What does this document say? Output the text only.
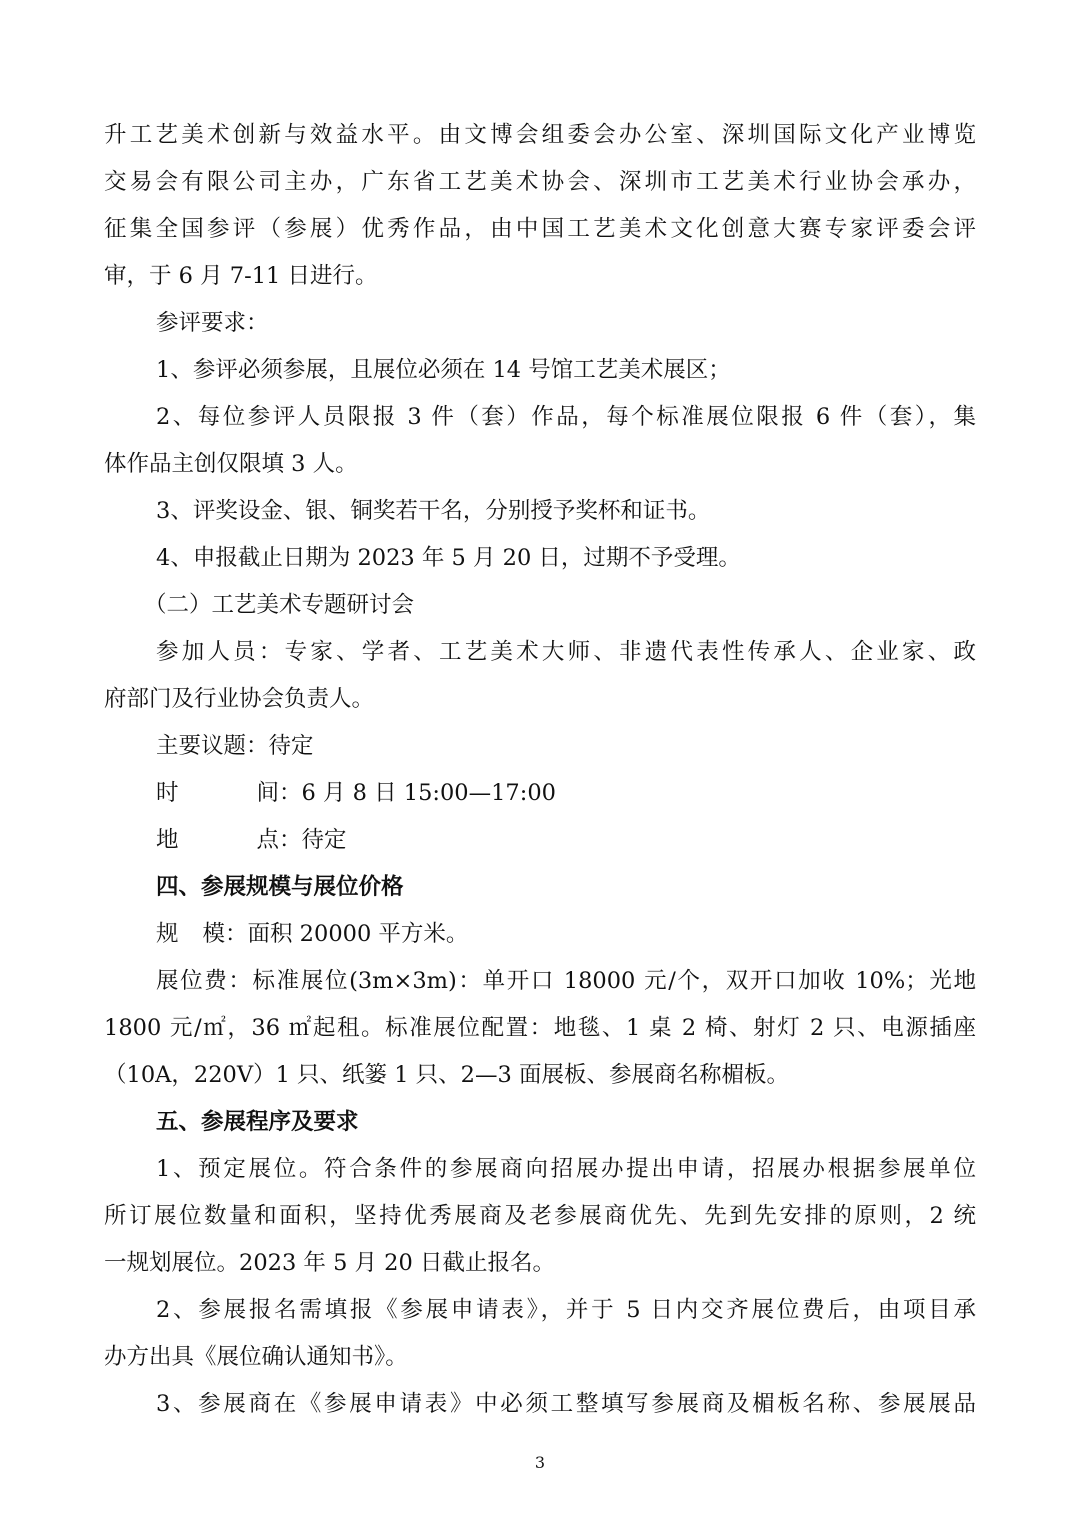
升工艺美术创新与效益水平。由文博会组委会办公室、深圳国际文化产业博览
交易会有限公司主办，广东省工艺美术协会、深圳市工艺美术行业协会承办，
征集全国参评（参展）优秀作品，由中国工艺美术文化创意大赛专家评委会评
审，于 6 月 7-11 日进行。
参评要求：
1、参评必须参展，且展位必须在 14 号馆工艺美术展区；
2、每位参评人员限报 3 件（套）作品，每个标准展位限报 6 件（套），集
体作品主创仅限填 3 人。
3、评奖设金、银、铜奖若干名，分别授予奖杯和证书。
4、申报截止日期为 2023 年 5 月 20 日，过期不予受理。
（二）工艺美术专题研讨会
参加人员：专家、学者、工艺美术大师、非遗代表性传承人、企业家、政
府部门及行业协会负责人。
主要议题：待定
时	间：6 月 8 日 15:00—17:00
地	点：待定
四、参展规模与展位价格
规 模：面积 20000 平方米。
展位费：标准展位(3m×3m)：单开口 18000 元/个，双开口加收 10%；光地
1800 元/㎡，36 ㎡起租。标准展位配置：地毯、1 桌 2 椅、射灯 2 只、电源插座
（10A，220V）1 只、纸篓 1 只、2—3 面展板、参展商名称楣板。
五、参展程序及要求
1、预定展位。符合条件的参展商向招展办提出申请，招展办根据参展单位
所订展位数量和面积，坚持优秀展商及老参展商优先、先到先安排的原则，2 统
一规划展位。2023 年 5 月 20 日截止报名。
2、参展报名需填报《参展申请表》，并于 5 日内交齐展位费后，由项目承
办方出具《展位确认通知书》。
3、参展商在《参展申请表》中必须工整填写参展商及楣板名称、参展展品
3
